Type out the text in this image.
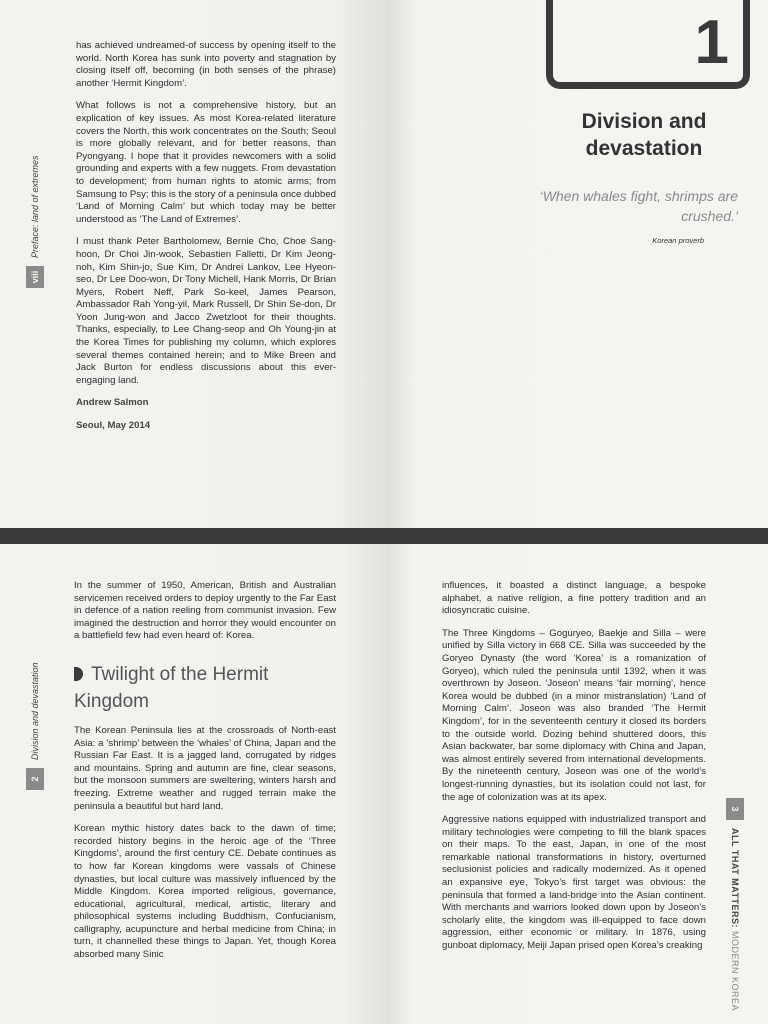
viii
Preface: land of extremes

has achieved undreamed-of success by opening itself to the world. North Korea has sunk into poverty and stagnation by closing itself off, becoming (in both senses of the phrase) another ‘Hermit Kingdom’.

What follows is not a comprehensive history, but an explication of key issues. As most Korea-related literature covers the North, this work concentrates on the South; Seoul is more globally relevant, and for better reasons, than Pyongyang. I hope that it provides newcomers with a solid grounding and experts with a few nuggets. From devastation to development; from human rights to atomic arms; from Samsung to Psy; this is the story of a peninsula once dubbed ‘Land of Morning Calm’ but which today may be better understood as ‘The Land of Extremes’.

I must thank Peter Bartholomew, Bernie Cho, Choe Sang-hoon, Dr Choi Jin-wook, Sebastien Falletti, Dr Kim Jeong-noh, Kim Shin-jo, Sue Kim, Dr Andrei Lankov, Lee Hyeon-seo, Dr Lee Doo-won, Dr Tony Michell, Hank Morris, Dr Brian Myers, Robert Neff, Park So-keel, James Pearson, Ambassador Rah Yong-yil, Mark Russell, Dr Shin Se-don, Dr Yoon Jung-won and Jacco Zwetzloot for their thoughts. Thanks, especially, to Lee Chang-seop and Oh Young-jin at the Korea Times for publishing my column, which explores several themes contained herein; and to Mike Breen and Jack Burton for endless discussions about this ever-engaging land.

Andrew Salmon

Seoul, May 2014

1
Division and devastation
‘When whales fight, shrimps are crushed.’
Korean proverb
2
Division and devastation

In the summer of 1950, American, British and Australian servicemen received orders to deploy urgently to the Far East in defence of a nation reeling from communist invasion. Few imagined the destruction and horror they would encounter on a battlefield few had even heard of: Korea.

Twilight of the Hermit Kingdom

The Korean Peninsula lies at the crossroads of North-east Asia: a ‘shrimp’ between the ‘whales’ of China, Japan and the Russian Far East. It is a jagged land, corrugated by ridges and mountains. Spring and autumn are fine, clear seasons, but the monsoon summers are sweltering, winters harsh and freezing. Extreme weather and rugged terrain make the peninsula a beautiful but hard land.

Korean mythic history dates back to the dawn of time; recorded history begins in the heroic age of the ‘Three Kingdoms’, around the first century CE. Debate continues as to how far Korean kingdoms were vassals of Chinese dynasties, but local culture was massively influenced by the Middle Kingdom. Korea imported religious, governance, educational, agricultural, medical, artistic, literary and philosophical systems including Buddhism, Confucianism, calligraphy, acupuncture and herbal medicine from China; in turn, it channelled these things to Japan. Yet, though Korea absorbed many Sinic

influences, it boasted a distinct language, a bespoke alphabet, a native religion, a fine pottery tradition and an idiosyncratic cuisine.

The Three Kingdoms – Goguryeo, Baekje and Silla – were unified by Silla victory in 668 CE. Silla was succeeded by the Goryeo Dynasty (the word ‘Korea’ is a romanization of Goryeo), which ruled the peninsula until 1392, when it was overthrown by Joseon. ‘Joseon’ means ‘fair morning’, hence Korea would be dubbed (in a minor mistranslation) ‘Land of Morning Calm’. Joseon was also branded ‘The Hermit Kingdom’, for in the seventeenth century it closed its borders to the outside world. Dozing behind shuttered doors, this Asian backwater, bar some diplomacy with China and Japan, was almost entirely severed from international developments. By the nineteenth century, Joseon was one of the world’s longest-running dynasties, but its isolation could not last, for the age of colonization was at its apex.

Aggressive nations equipped with industrialized transport and military technologies were competing to fill the blank spaces on their maps. To the east, Japan, in one of the most remarkable national transformations in history, overturned seclusionist policies and radically modernized. As it opened an expansive eye, Tokyo’s first target was obvious: the peninsula that formed a land-bridge into the Asian continent. With merchants and warriors looked down upon by Joseon’s scholarly elite, the kingdom was ill-equipped to face down aggression, either economic or military. In 1876, using gunboat diplomacy, Meiji Japan prised open Korea’s creaking

3
ALL THAT MATTERS: MODERN KOREA
